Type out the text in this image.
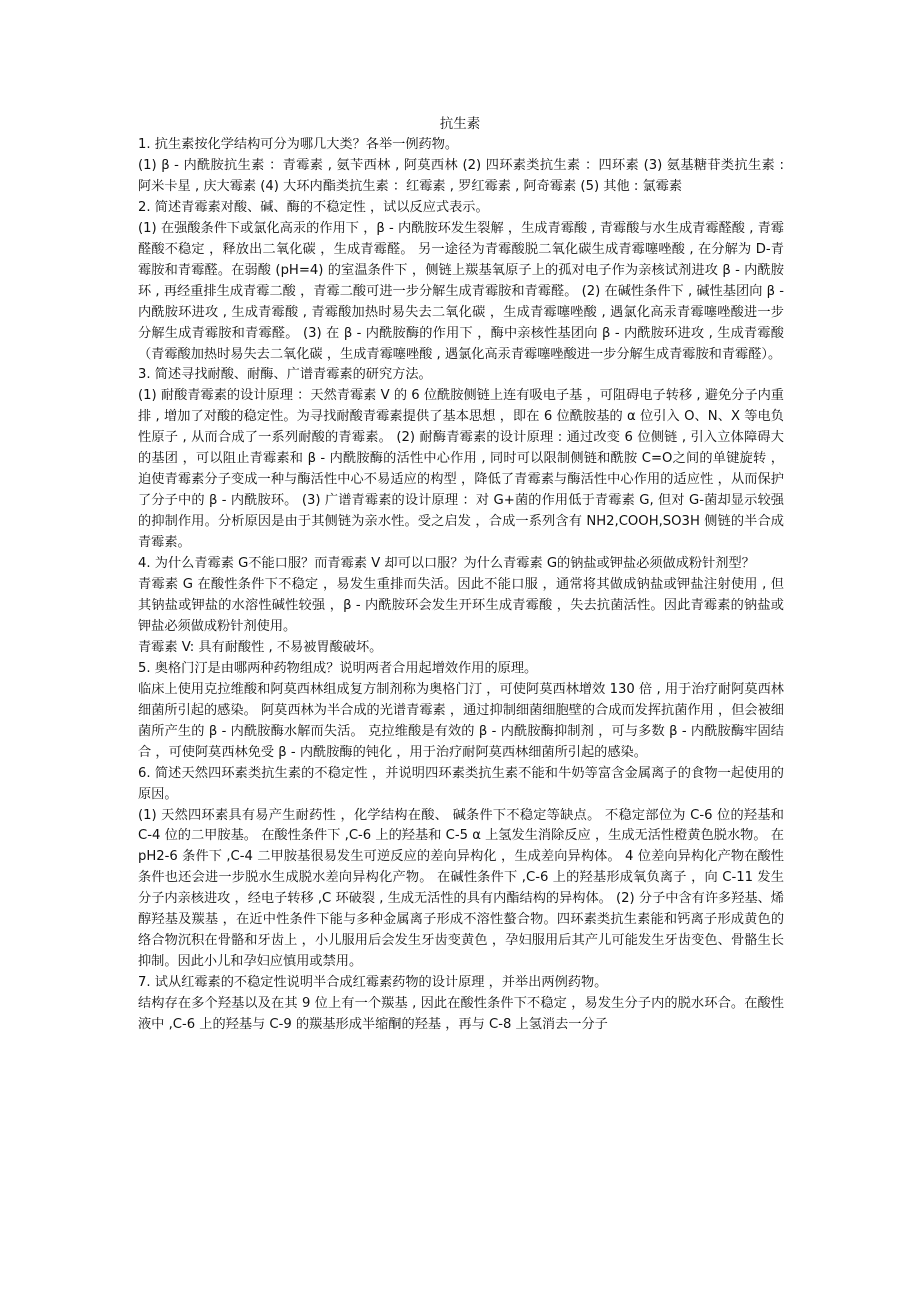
抗生素

1. 抗生素按化学结构可分为哪几大类？各举一例药物。

(1) β - 内酰胺抗生素 ：青霉素 , 氨苄西林 , 阿莫西林 (2) 四环素类抗生素 ：四环素 (3) 氨基糖苷类抗生素 : 阿米卡星 , 庆大霉素 (4) 大环内酯类抗生素 ：红霉素 , 罗红霉素 , 阿奇霉素 (5) 其他 : 氯霉素

2. 简述青霉素对酸、碱、酶的不稳定性 ，试以反应式表示。

(1) 在强酸条件下或氯化高汞的作用下 ，β - 内酰胺环发生裂解 ，生成青霉酸 , 青霉酸与水生成青霉醛酸 , 青霉醛酸不稳定 ，释放出二氧化碳 ，生成青霉醛。 另一途径为青霉酸脱二氧化碳生成青霉噻唑酸 , 在分解为 D-青霉胺和青霉醛。在弱酸 (pH=4) 的室温条件下 ，侧链上羰基氧原子上的孤对电子作为亲核试剂进攻 β - 内酰胺环 , 再经重排生成青霉二酸 ，青霉二酸可进一步分解生成青霉胺和青霉醛。 (2) 在碱性条件下 , 碱性基团向 β - 内酰胺环进攻 , 生成青霉酸 , 青霉酸加热时易失去二氧化碳 ，生成青霉噻唑酸 , 遇氯化高汞青霉噻唑酸进一步分解生成青霉胺和青霉醛。 (3) 在 β - 内酰胺酶的作用下 ，酶中亲核性基团向 β - 内酰胺环进攻 , 生成青霉酸（青霉酸加热时易失去二氧化碳 ，生成青霉噻唑酸 , 遇氯化高汞青霉噻唑酸进一步分解生成青霉胺和青霉醛）。

3. 简述寻找耐酸、耐酶、广谱青霉素的研究方法。

(1) 耐酸青霉素的设计原理 ：天然青霉素 V 的 6 位酰胺侧链上连有吸电子基 ，可阻碍电子转移 , 避免分子内重排 , 增加了对酸的稳定性。为寻找耐酸青霉素提供了基本思想 ，即在 6 位酰胺基的 α 位引入 O、N、X 等电负性原子 , 从而合成了一系列耐酸的青霉素。 (2) 耐酶青霉素的设计原理 : 通过改变 6 位侧链 , 引入立体障碍大的基团 ，可以阻止青霉素和 β - 内酰胺酶的活性中心作用 , 同时可以限制侧链和酰胺 C=O之间的单键旋转 ，迫使青霉素分子变成一种与酶活性中心不易适应的构型 ，降低了青霉素与酶活性中心作用的适应性 ，从而保护了分子中的 β - 内酰胺环。 (3) 广谱青霉素的设计原理 ：对 G+菌的作用低于青霉素 G, 但对 G-菌却显示较强的抑制作用。分析原因是由于其侧链为亲水性。受之启发 ，合成一系列含有 NH2,COOH,SO3H 侧链的半合成青霉素。

4. 为什么青霉素 G不能口服？而青霉素 V 却可以口服？为什么青霉素 G的钠盐或钾盐必须做成粉针剂型？

青霉素 G 在酸性条件下不稳定 ，易发生重排而失活。因此不能口服 ，通常将其做成钠盐或钾盐注射使用 , 但其钠盐或钾盐的水溶性碱性较强 ，β - 内酰胺环会发生开环生成青霉酸 ，失去抗菌活性。因此青霉素的钠盐或钾盐必须做成粉针剂使用。

青霉素 V: 具有耐酸性 , 不易被胃酸破坏。

5. 奥格门汀是由哪两种药物组成？说明两者合用起增效作用的原理。

临床上使用克拉维酸和阿莫西林组成复方制剂称为奥格门汀 ，可使阿莫西林增效 130 倍 , 用于治疗耐阿莫西林细菌所引起的感染。 阿莫西林为半合成的光谱青霉素 ，通过抑制细菌细胞壁的合成而发挥抗菌作用 ，但会被细菌所产生的 β - 内酰胺酶水解而失活。 克拉维酸是有效的 β - 内酰胺酶抑制剂 ，可与多数 β - 内酰胺酶牢固结合 ，可使阿莫西林免受 β - 内酰胺酶的钝化 ，用于治疗耐阿莫西林细菌所引起的感染。

6. 简述天然四环素类抗生素的不稳定性 ，并说明四环素类抗生素不能和牛奶等富含金属离子的食物一起使用的原因。

(1) 天然四环素具有易产生耐药性 ，化学结构在酸、 碱条件下不稳定等缺点。 不稳定部位为 C-6 位的羟基和 C-4 位的二甲胺基。 在酸性条件下 ,C-6 上的羟基和 C-5 α 上氢发生消除反应 ，生成无活性橙黄色脱水物。 在 pH2-6 条件下 ,C-4 二甲胺基很易发生可逆反应的差向异构化 ，生成差向异构体。 4 位差向异构化产物在酸性条件也还会进一步脱水生成脱水差向异构化产物。 在碱性条件下 ,C-6 上的羟基形成氧负离子 ，向 C-11 发生分子内亲核进攻 ，经电子转移 ,C 环破裂 , 生成无活性的具有内酯结构的异构体。 (2) 分子中含有许多羟基、烯醇羟基及羰基 ，在近中性条件下能与多种金属离子形成不溶性螯合物。四环素类抗生素能和钙离子形成黄色的络合物沉积在骨骼和牙齿上 ，小儿服用后会发生牙齿变黄色 ，孕妇服用后其产儿可能发生牙齿变色、骨骼生长抑制。因此小儿和孕妇应慎用或禁用。

7. 试从红霉素的不稳定性说明半合成红霉素药物的设计原理 ，并举出两例药物。

结构存在多个羟基以及在其 9 位上有一个羰基 , 因此在酸性条件下不稳定 ，易发生分子内的脱水环合。在酸性液中 ,C-6 上的羟基与 C-9 的羰基形成半缩酮的羟基 ，再与 C-8 上氢消去一分子
